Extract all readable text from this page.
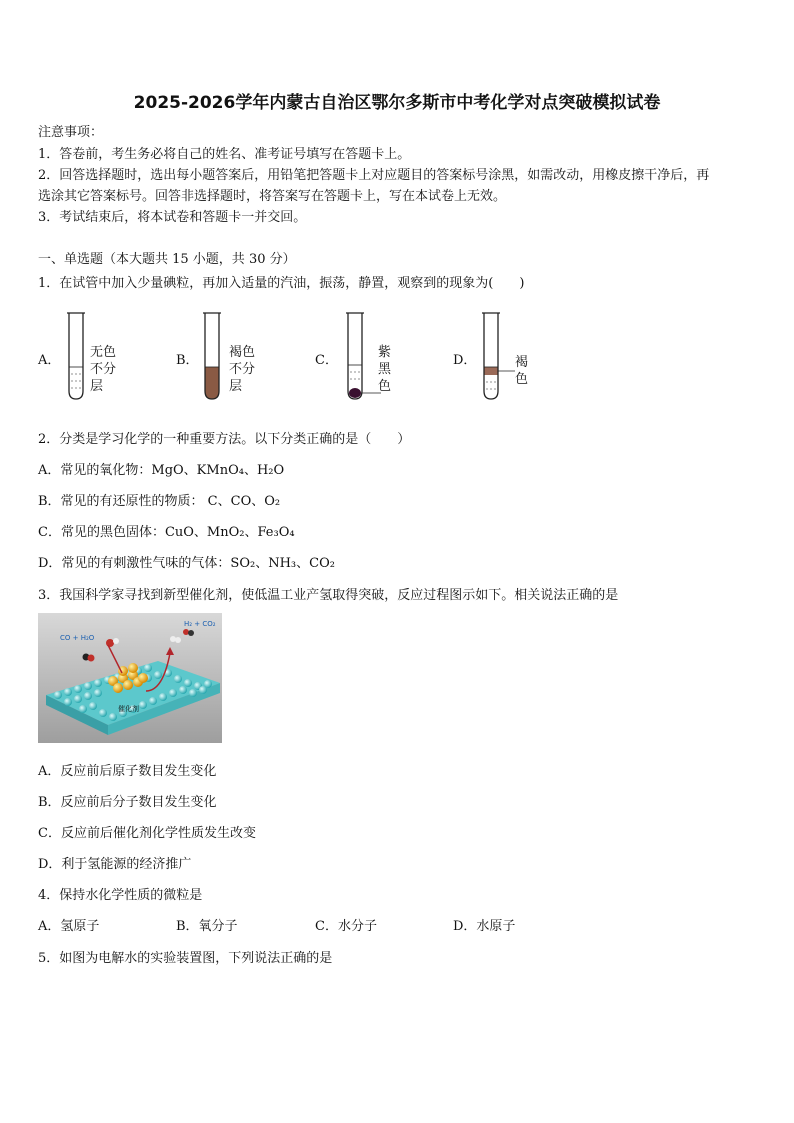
2025-2026学年内蒙古自治区鄂尔多斯市中考化学对点突破模拟试卷
注意事项：
1．答卷前，考生务必将自己的姓名、准考证号填写在答题卡上。
2．回答选择题时，选出每小题答案后，用铅笔把答题卡上对应题目的答案标号涂黑，如需改动，用橡皮擦干净后，再
选涂其它答案标号。回答非选择题时，将答案写在答题卡上，写在本试卷上无效。
3．考试结束后，将本试卷和答题卡一并交回。
一、单选题（本大题共 15 小题，共 30 分）
1．在试管中加入少量碘粒，再加入适量的汽油，振荡，静置，观察到的现象为(　　)
A．
无色不分层
B．
褐色不分层
C．
紫黑色
D．	褐色
2．分类是学习化学的一种重要方法。以下分类正确的是（　　）
A．常见的氧化物：MgO、KMnO₄、H₂O
B．常见的有还原性的物质： C、CO、O₂
C．常见的黑色固体：CuO、MnO₂、Fe₃O₄
D．常见的有刺激性气味的气体：SO₂、NH₃、CO₂
3．我国科学家寻找到新型催化剂，使低温工业产氢取得突破，反应过程图示如下。相关说法正确的是
CO + H₂O
H₂ + CO₂
催化剂
A．反应前后原子数目发生变化
B．反应前后分子数目发生变化
C．反应前后催化剂化学性质发生改变
D．利于氢能源的经济推广
4．保持水化学性质的微粒是
A．氢原子	B．氧分子	C．水分子	D．水原子
5．如图为电解水的实验装置图，下列说法正确的是
